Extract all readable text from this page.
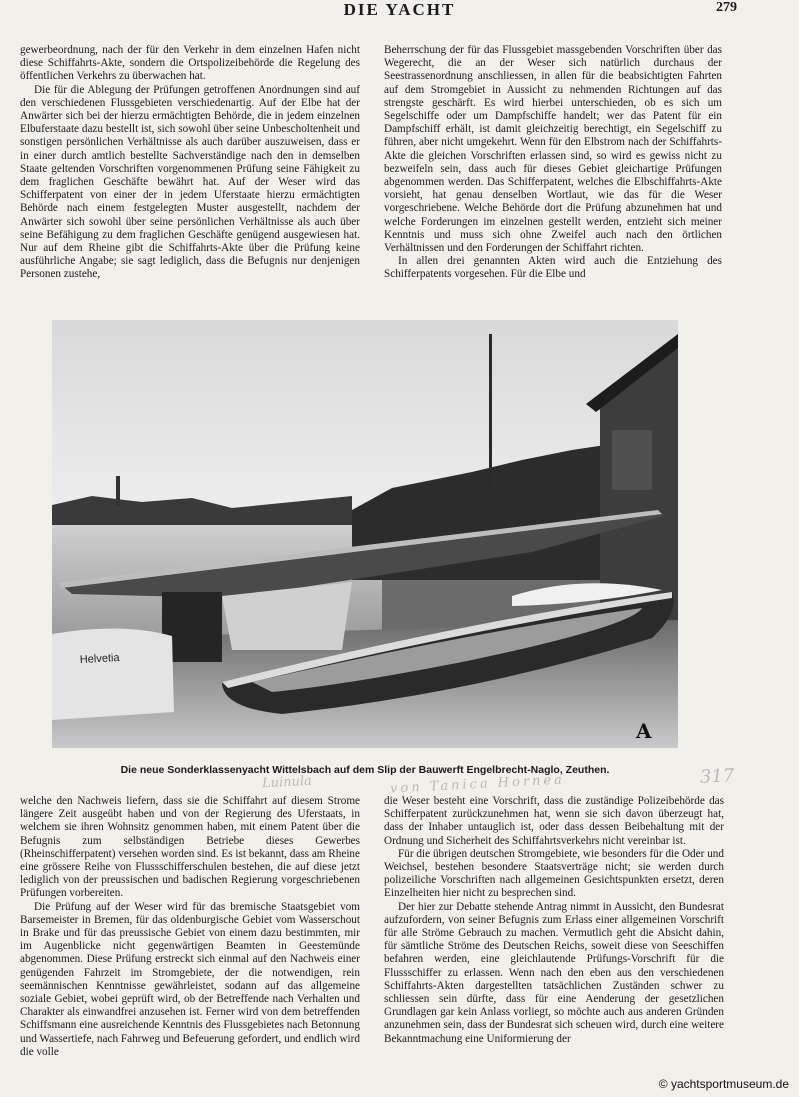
DIE YACHT	279

gewerbeordnung, nach der für den Verkehr in dem einzelnen Hafen nicht diese Schiffahrts-Akte, sondern die Ortspolizeibehörde die Regelung des öffentlichen Verkehrs zu überwachen hat.

Die für die Ablegung der Prüfungen getroffenen Anordnungen sind auf den verschiedenen Flussgebieten verschiedenartig. Auf der Elbe hat der Anwärter sich bei der hierzu ermächtigten Behörde, die in jedem einzelnen Elbuferstaate dazu bestellt ist, sich sowohl über seine Unbescholtenheit und sonstigen persönlichen Verhältnisse als auch darüber auszuweisen, dass er in einer durch amtlich bestellte Sachverständige nach den in demselben Staate geltenden Vorschriften vorgenommenen Prüfung seine Fähigkeit zu dem fraglichen Geschäfte bewährt hat. Auf der Weser wird das Schifferpatent von einer der in jedem Uferstaate hierzu ermächtigten Behörde nach einem festgelegten Muster ausgestellt, nachdem der Anwärter sich sowohl über seine persönlichen Verhältnisse als auch über seine Befähigung zu dem fraglichen Geschäfte genügend ausgewiesen hat. Nur auf dem Rheine gibt die Schiffahrts-Akte über die Prüfung keine ausführliche Angabe; sie sagt lediglich, dass die Befugnis nur denjenigen Personen zustehe,

Beherrschung der für das Flussgebiet massgebenden Vorschriften über das Wegerecht, die an der Weser sich natürlich durchaus der Seestrassenordnung anschliessen, in allen für die beabsichtigten Fahrten auf dem Stromgebiet in Aussicht zu nehmenden Richtungen auf das strengste geschärft. Es wird hierbei unterschieden, ob es sich um Segelschiffe oder um Dampfschiffe handelt; wer das Patent für ein Dampfschiff erhält, ist damit gleichzeitig berechtigt, ein Segelschiff zu führen, aber nicht umgekehrt. Wenn für den Elbstrom nach der Schiffahrts-Akte die gleichen Vorschriften erlassen sind, so wird es gewiss nicht zu bezweifeln sein, dass auch für dieses Gebiet gleichartige Prüfungen abgenommen werden. Das Schifferpatent, welches die Elbschiffahrts-Akte vorsieht, hat genau denselben Wortlaut, wie das für die Weser vorgeschriebene. Welche Behörde dort die Prüfung abzunehmen hat und welche Forderungen im einzelnen gestellt werden, entzieht sich meiner Kenntnis und muss sich ohne Zweifel auch nach den örtlichen Verhältnissen und den Forderungen der Schiffahrt richten.

In allen drei genannten Akten wird auch die Entziehung des Schifferpatents vorgesehen. Für die Elbe und

Helvetia
A
Die neue Sonderklassenyacht Wittelsbach auf dem Slip der Bauwerft Engelbrecht-Naglo, Zeuthen.
Luinula	von Tanica Hornea	317

welche den Nachweis liefern, dass sie die Schiffahrt auf diesem Strome längere Zeit ausgeübt haben und von der Regierung des Uferstaats, in welchem sie ihren Wohnsitz genommen haben, mit einem Patent über die Befugnis zum selbständigen Betriebe dieses Gewerbes (Rheinschifferpatent) versehen worden sind. Es ist bekannt, dass am Rheine eine grössere Reihe von Flussschifferschulen bestehen, die auf diese jetzt lediglich von der preussischen und badischen Regierung vorgeschriebenen Prüfungen vorbereiten.

Die Prüfung auf der Weser wird für das bremische Staatsgebiet vom Barsemeister in Bremen, für das oldenburgische Gebiet vom Wasserschout in Brake und für das preussische Gebiet von einem dazu bestimmten, mir im Augenblicke nicht gegenwärtigen Beamten in Geestemünde abgenommen. Diese Prüfung erstreckt sich einmal auf den Nachweis einer genügenden Fahrzeit im Stromgebiete, der die notwendigen, rein seemännischen Kenntnisse gewährleistet, sodann auf das allgemeine soziale Gebiet, wobei geprüft wird, ob der Betreffende nach Verhalten und Charakter als einwandfrei anzusehen ist. Ferner wird von dem betreffenden Schiffsmann eine ausreichende Kenntnis des Flussgebietes nach Betonnung und Wassertiefe, nach Fahrweg und Befeuerung gefordert, und endlich wird die volle

die Weser besteht eine Vorschrift, dass die zuständige Polizeibehörde das Schifferpatent zurückzunehmen hat, wenn sie sich davon überzeugt hat, dass der Inhaber untauglich ist, oder dass dessen Beibehaltung mit der Ordnung und Sicherheit des Schiffahrtsverkehrs nicht vereinbar ist.

Für die übrigen deutschen Stromgebiete, wie besonders für die Oder und Weichsel, bestehen besondere Staatsverträge nicht; sie werden durch polizeiliche Vorschriften nach allgemeinen Gesichtspunkten ersetzt, deren Einzelheiten hier nicht zu besprechen sind.

Der hier zur Debatte stehende Antrag nimmt in Aussicht, den Bundesrat aufzufordern, von seiner Befugnis zum Erlass einer allgemeinen Vorschrift für alle Ströme Gebrauch zu machen. Vermutlich geht die Absicht dahin, für sämtliche Ströme des Deutschen Reichs, soweit diese von Seeschiffen befahren werden, eine gleichlautende Prüfungs-Vorschrift für die Flussschiffer zu erlassen. Wenn nach den eben aus den verschiedenen Schiffahrts-Akten dargestellten tatsächlichen Zuständen schwer zu schliessen sein dürfte, dass für eine Aenderung der gesetzlichen Grundlagen gar kein Anlass vorliegt, so möchte auch aus anderen Gründen anzunehmen sein, dass der Bundesrat sich scheuen wird, durch eine weitere Bekanntmachung eine Uniformierung der

© yachtsportmuseum.de
